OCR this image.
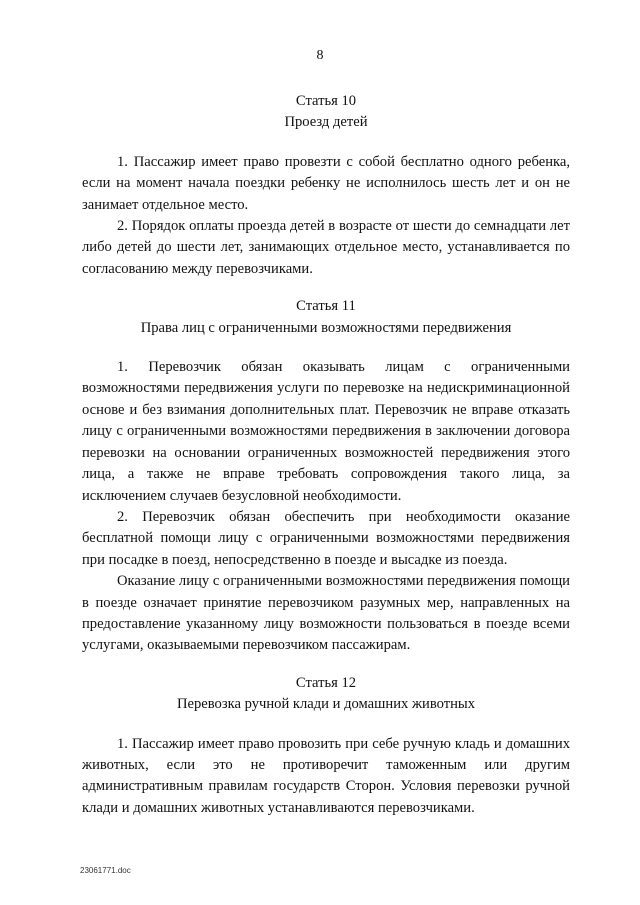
8
Статья 10
Проезд детей

1. Пассажир имеет право провезти с собой бесплатно одного ребенка, если на момент начала поездки ребенку не исполнилось шесть лет и он не занимает отдельное место.

2. Порядок оплаты проезда детей в возрасте от шести до семнадцати лет либо детей до шести лет, занимающих отдельное место, устанавливается по согласованию между перевозчиками.

Статья 11
Права лиц с ограниченными возможностями передвижения

1. Перевозчик обязан оказывать лицам с ограниченными возможностями передвижения услуги по перевозке на недискриминационной основе и без взимания дополнительных плат. Перевозчик не вправе отказать лицу с ограниченными возможностями передвижения в заключении договора перевозки на основании ограниченных возможностей передвижения этого лица, а также не вправе требовать сопровождения такого лица, за исключением случаев безусловной необходимости.

2. Перевозчик обязан обеспечить при необходимости оказание бесплатной помощи лицу с ограниченными возможностями передвижения при посадке в поезд, непосредственно в поезде и высадке из поезда.

Оказание лицу с ограниченными возможностями передвижения помощи в поезде означает принятие перевозчиком разумных мер, направленных на предоставление указанному лицу возможности пользоваться в поезде всеми услугами, оказываемыми перевозчиком пассажирам.

Статья 12
Перевозка ручной клади и домашних животных

1. Пассажир имеет право провозить при себе ручную кладь и домашних животных, если это не противоречит таможенным или другим административным правилам государств Сторон. Условия перевозки ручной клади и домашних животных устанавливаются перевозчиками.

23061771.doc
